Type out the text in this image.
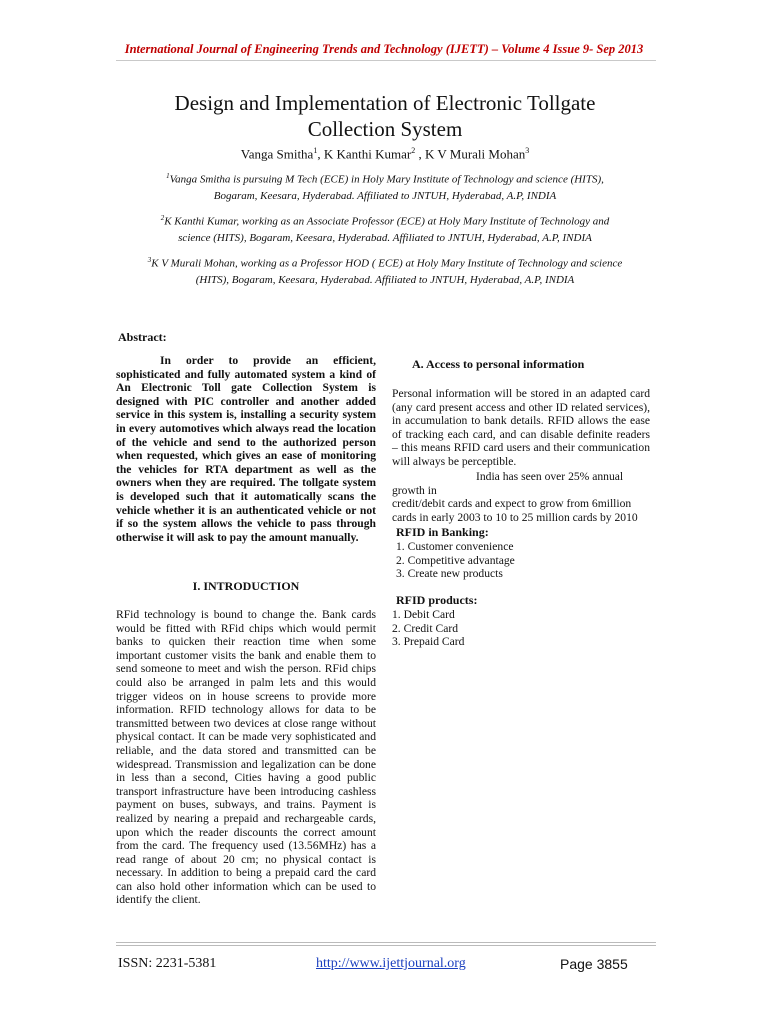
International Journal of Engineering Trends and Technology (IJETT) – Volume 4 Issue 9- Sep 2013
Design and Implementation of Electronic Tollgate
Collection System
Vanga Smitha$^1$, K Kanthi Kumar$^2$ , K V Murali Mohan$^3$
$^1$Vanga Smitha is pursuing M Tech (ECE) in Holy Mary Institute of Technology and science (HITS),
Bogaram, Keesara, Hyderabad. Affiliated to JNTUH, Hyderabad, A.P, INDIA
$^2$K Kanthi Kumar, working as an Associate Professor (ECE) at Holy Mary Institute of Technology and
science (HITS), Bogaram, Keesara, Hyderabad. Affiliated to JNTUH, Hyderabad, A.P, INDIA
$^3$K V Murali Mohan, working as a Professor HOD ( ECE) at Holy Mary Institute of Technology and science
(HITS), Bogaram, Keesara, Hyderabad. Affiliated to JNTUH, Hyderabad, A.P, INDIA
Abstract:
In order to provide an efficient, sophisticated and fully automated system a kind of An Electronic Toll gate Collection System is designed with PIC controller and another added service in this system is, installing a security system in every automotives which always read the location of the vehicle and send to the authorized person when requested, which gives an ease of monitoring the vehicles for RTA department as well as the owners when they are required. The tollgate system is developed such that it automatically scans the vehicle whether it is an authenticated vehicle or not if so the system allows the vehicle to pass through otherwise it will ask to pay the amount manually.
I. INTRODUCTION
RFid technology is bound to change the. Bank cards would be fitted with RFid chips which would permit banks to quicken their reaction time when some important customer visits the bank and enable them to send someone to meet and wish the person. RFid chips could also be arranged in palm lets and this would trigger videos on in house screens to provide more information. RFID technology allows for data to be transmitted between two devices at close range without physical contact. It can be made very sophisticated and reliable, and the data stored and transmitted can be widespread. Transmission and legalization can be done in less than a second, Cities having a good public transport infrastructure have been introducing cashless payment on buses, subways, and trains. Payment is realized by nearing a prepaid and rechargeable cards, upon which the reader discounts the correct amount from the card. The frequency used (13.56MHz) has a read range of about 20 cm; no physical contact is necessary. In addition to being a prepaid card the card can also hold other information which can be used to identify the client.
A. Access to personal information
Personal information will be stored in an adapted card (any card present access and other ID related services), in accumulation to bank details. RFID allows the ease of tracking each card, and can disable definite readers – this means RFID card users and their communication will always be perceptible.
India has seen over 25% annual growth in
credit/debit cards and expect to grow from 6million
cards in early 2003 to 10 to 25 million cards by 2010
RFID in Banking:
1. Customer convenience
2. Competitive advantage
3. Create new products
RFID products:
1. Debit Card
2. Credit Card
3. Prepaid Card
ISSN: 2231-5381	http://www.ijettjournal.org	Page 3855
